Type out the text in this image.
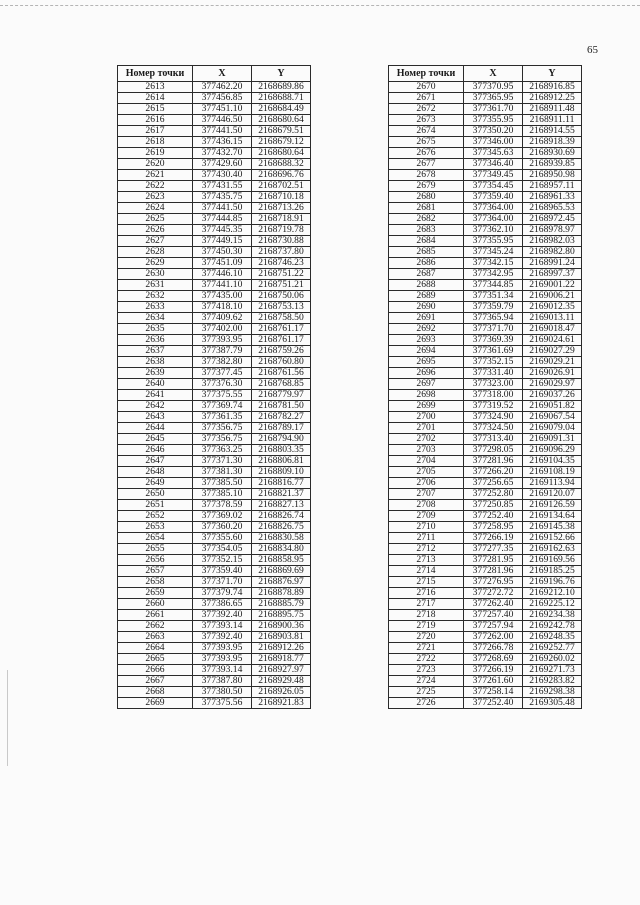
65
Номер точки	X	Y
2613	377462.20	2168689.86
2614	377456.85	2168688.71
2615	377451.10	2168684.49
2616	377446.50	2168680.64
2617	377441.50	2168679.51
2618	377436.15	2168679.12
2619	377432.70	2168680.64
2620	377429.60	2168688.32
2621	377430.40	2168696.76
2622	377431.55	2168702.51
2623	377435.75	2168710.18
2624	377441.50	2168713.26
2625	377444.85	2168718.91
2626	377445.35	2168719.78
2627	377449.15	2168730.88
2628	377450.30	2168737.80
2629	377451.09	2168746.23
2630	377446.10	2168751.22
2631	377441.10	2168751.21
2632	377435.00	2168750.06
2633	377418.10	2168753.13
2634	377409.62	2168758.50
2635	377402.00	2168761.17
2636	377393.95	2168761.17
2637	377387.79	2168759.26
2638	377382.80	2168760.80
2639	377377.45	2168761.56
2640	377376.30	2168768.85
2641	377375.55	2168779.97
2642	377369.74	2168781.50
2643	377361.35	2168782.27
2644	377356.75	2168789.17
2645	377356.75	2168794.90
2646	377363.25	2168803.35
2647	377371.30	2168806.81
2648	377381.30	2168809.10
2649	377385.50	2168816.77
2650	377385.10	2168821.37
2651	377378.59	2168827.13
2652	377369.02	2168826.74
2653	377360.20	2168826.75
2654	377355.60	2168830.58
2655	377354.05	2168834.80
2656	377352.15	2168858.95
2657	377359.40	2168869.69
2658	377371.70	2168876.97
2659	377379.74	2168878.89
2660	377386.65	2168885.79
2661	377392.40	2168895.75
2662	377393.14	2168900.36
2663	377392.40	2168903.81
2664	377393.95	2168912.26
2665	377393.95	2168918.77
2666	377393.14	2168927.97
2667	377387.80	2168929.48
2668	377380.50	2168926.05
2669	377375.56	2168921.83
Номер точки	X	Y
2670	377370.95	2168916.85
2671	377365.95	2168912.25
2672	377361.70	2168911.48
2673	377355.95	2168911.11
2674	377350.20	2168914.55
2675	377346.00	2168918.39
2676	377345.63	2168930.69
2677	377346.40	2168939.85
2678	377349.45	2168950.98
2679	377354.45	2168957.11
2680	377359.40	2168961.33
2681	377364.00	2168965.53
2682	377364.00	2168972.45
2683	377362.10	2168978.97
2684	377355.95	2168982.03
2685	377345.24	2168982.80
2686	377342.15	2168991.24
2687	377342.95	2168997.37
2688	377344.85	2169001.22
2689	377351.34	2169006.21
2690	377359.79	2169012.35
2691	377365.94	2169013.11
2692	377371.70	2169018.47
2693	377369.39	2169024.61
2694	377361.69	2169027.29
2695	377352.15	2169029.21
2696	377331.40	2169026.91
2697	377323.00	2169029.97
2698	377318.00	2169037.26
2699	377319.52	2169051.82
2700	377324.90	2169067.54
2701	377324.50	2169079.04
2702	377313.40	2169091.31
2703	377298.05	2169096.29
2704	377281.96	2169104.35
2705	377266.20	2169108.19
2706	377256.65	2169113.94
2707	377252.80	2169120.07
2708	377250.85	2169126.59
2709	377252.40	2169134.64
2710	377258.95	2169145.38
2711	377266.19	2169152.66
2712	377277.35	2169162.63
2713	377281.95	2169169.56
2714	377281.96	2169185.25
2715	377276.95	2169196.76
2716	377272.72	2169212.10
2717	377262.40	2169225.12
2718	377257.40	2169234.38
2719	377257.94	2169242.78
2720	377262.00	2169248.35
2721	377266.78	2169252.77
2722	377268.69	2169260.02
2723	377266.19	2169271.73
2724	377261.60	2169283.82
2725	377258.14	2169298.38
2726	377252.40	2169305.48
